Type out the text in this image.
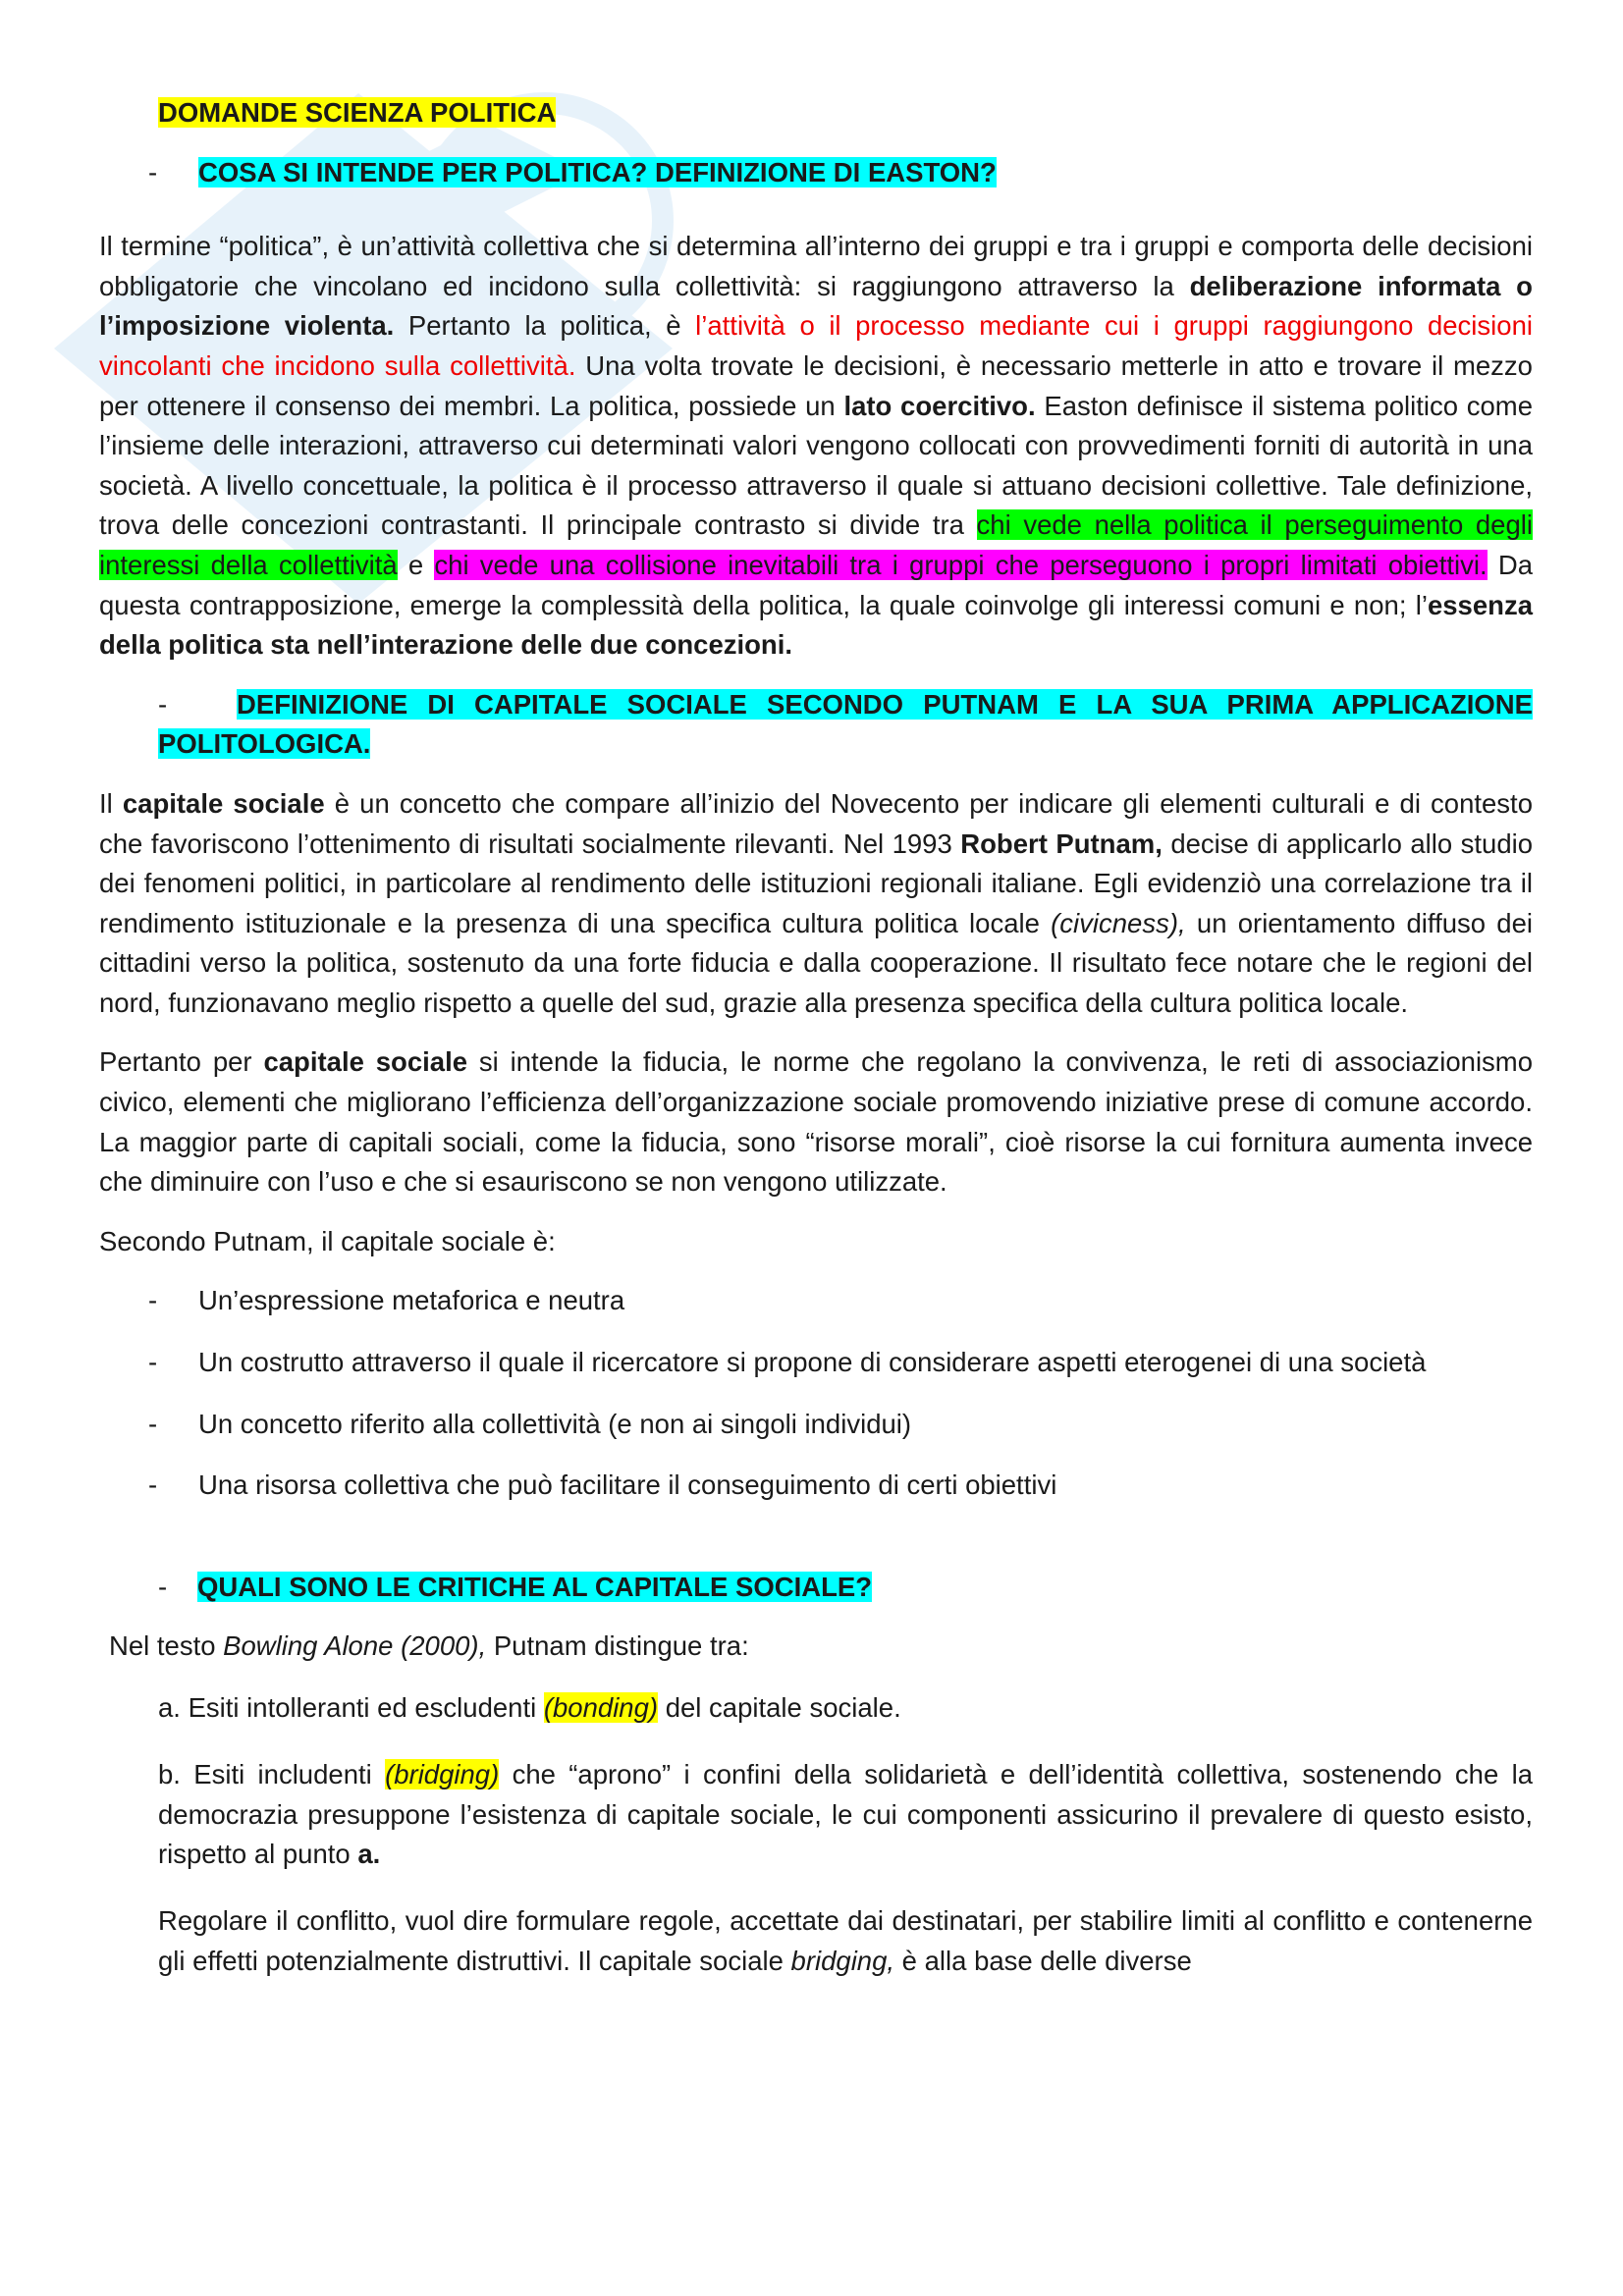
DOMANDE SCIENZA POLITICA

- COSA SI INTENDE PER POLITICA? DEFINIZIONE DI EASTON?

Il termine “politica”, è un’attività collettiva che si determina all’interno dei gruppi e tra i gruppi e comporta delle decisioni obbligatorie che vincolano ed incidono sulla collettività: si raggiungono attraverso la deliberazione informata o l’imposizione violenta. Pertanto la politica, è l’attività o il processo mediante cui i gruppi raggiungono decisioni vincolanti che incidono sulla collettività. Una volta trovate le decisioni, è necessario metterle in atto e trovare il mezzo per ottenere il consenso dei membri. La politica, possiede un lato coercitivo. Easton definisce il sistema politico come l’insieme delle interazioni, attraverso cui determinati valori vengono collocati con provvedimenti forniti di autorità in una società. A livello concettuale, la politica è il processo attraverso il quale si attuano decisioni collettive. Tale definizione, trova delle concezioni contrastanti. Il principale contrasto si divide tra chi vede nella politica il perseguimento degli interessi della collettività e chi vede una collisione inevitabili tra i gruppi che perseguono i propri limitati obiettivi. Da questa contrapposizione, emerge la complessità della politica, la quale coinvolge gli interessi comuni e non; l’essenza della politica sta nell’interazione delle due concezioni.

-	DEFINIZIONE DI CAPITALE SOCIALE SECONDO PUTNAM E LA SUA PRIMA APPLICAZIONE POLITOLOGICA.

Il capitale sociale è un concetto che compare all’inizio del Novecento per indicare gli elementi culturali e di contesto che favoriscono l’ottenimento di risultati socialmente rilevanti. Nel 1993 Robert Putnam, decise di applicarlo allo studio dei fenomeni politici, in particolare al rendimento delle istituzioni regionali italiane. Egli evidenziò una correlazione tra il rendimento istituzionale e la presenza di una specifica cultura politica locale (civicness), un orientamento diffuso dei cittadini verso la politica, sostenuto da una forte fiducia e dalla cooperazione. Il risultato fece notare che le regioni del nord, funzionavano meglio rispetto a quelle del sud, grazie alla presenza specifica della cultura politica locale.

Pertanto per capitale sociale si intende la fiducia, le norme che regolano la convivenza, le reti di associazionismo civico, elementi che migliorano l’efficienza dell’organizzazione sociale promovendo iniziative prese di comune accordo. La maggior parte di capitali sociali, come la fiducia, sono “risorse morali”, cioè risorse la cui fornitura aumenta invece che diminuire con l’uso e che si esauriscono se non vengono utilizzate.

Secondo Putnam, il capitale sociale è:

- Un’espressione metaforica e neutra

- Un costrutto attraverso il quale il ricercatore si propone di considerare aspetti eterogenei di una società

- Un concetto riferito alla collettività (e non ai singoli individui)

- Una risorsa collettiva che può facilitare il conseguimento di certi obiettivi

- QUALI SONO LE CRITICHE AL CAPITALE SOCIALE?

Nel testo Bowling Alone (2000), Putnam distingue tra:

a. Esiti intolleranti ed escludenti (bonding) del capitale sociale.

b. Esiti includenti (bridging) che “aprono” i confini della solidarietà e dell’identità collettiva, sostenendo che la democrazia presuppone l’esistenza di capitale sociale, le cui componenti assicurino il prevalere di questo esisto, rispetto al punto a.

Regolare il conflitto, vuol dire formulare regole, accettate dai destinatari, per stabilire limiti al conflitto e contenerne gli effetti potenzialmente distruttivi. Il capitale sociale bridging, è alla base delle diverse
